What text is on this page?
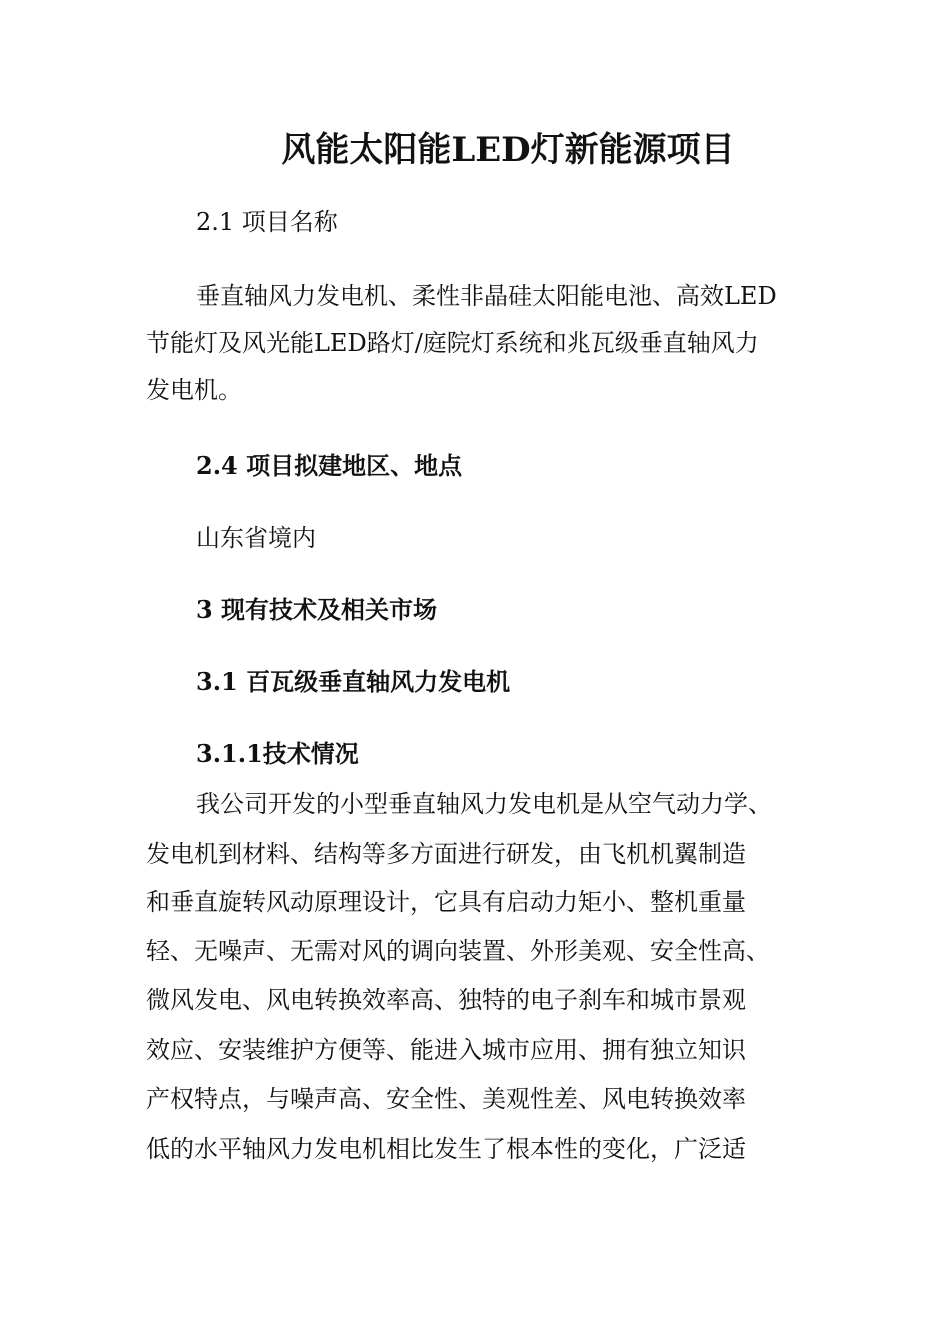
风能太阳能LED灯新能源项目
2.1 项目名称
垂直轴风力发电机、柔性非晶硅太阳能电池、高效LED
节能灯及风光能LED路灯/庭院灯系统和兆瓦级垂直轴风力
发电机。
2.4 项目拟建地区、地点
山东省境内
3 现有技术及相关市场
3.1 百瓦级垂直轴风力发电机
3.1.1技术情况
我公司开发的小型垂直轴风力发电机是从空气动力学、
发电机到材料、结构等多方面进行研发，由飞机机翼制造
和垂直旋转风动原理设计，它具有启动力矩小、整机重量
轻、无噪声、无需对风的调向装置、外形美观、安全性高、
微风发电、风电转换效率高、独特的电子刹车和城市景观
效应、安装维护方便等、能进入城市应用、拥有独立知识
产权特点，与噪声高、安全性、美观性差、风电转换效率
低的水平轴风力发电机相比发生了根本性的变化，广泛适
